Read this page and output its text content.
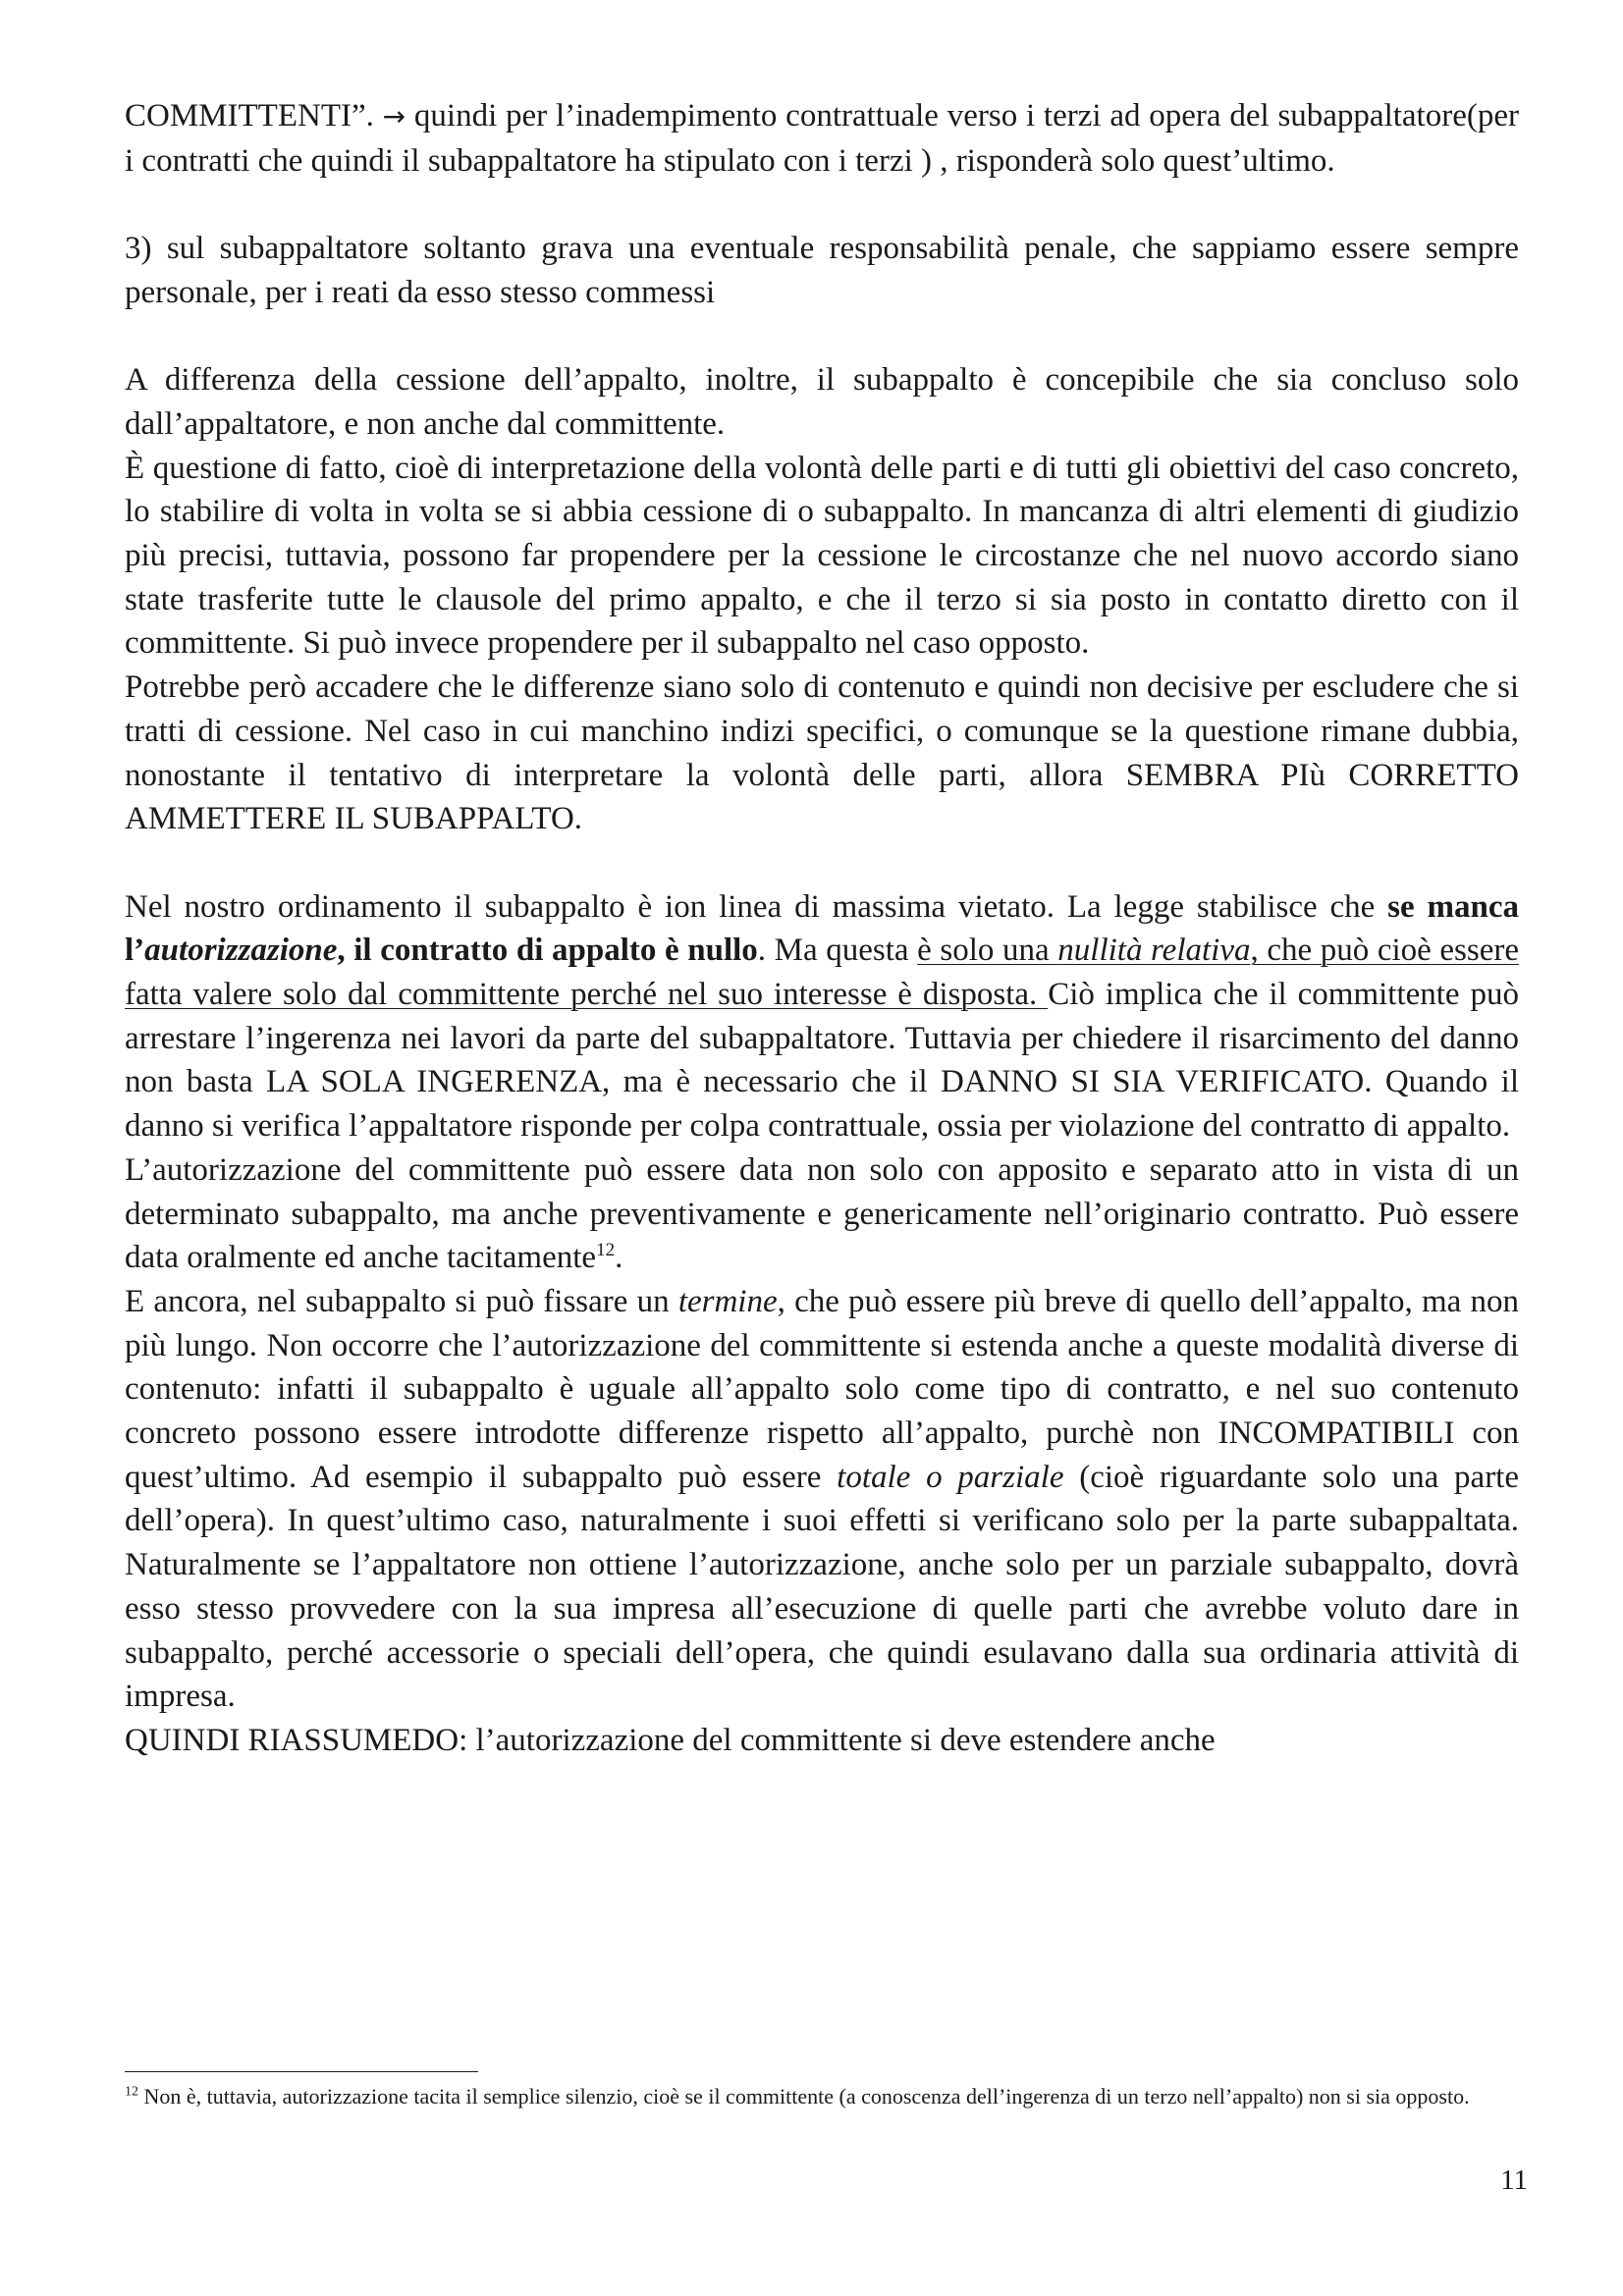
COMMITTENTI”. → quindi per l’inadempimento contrattuale verso i terzi ad opera del subappaltatore(per i contratti che quindi il subappaltatore ha stipulato con i terzi ) , risponderà solo quest’ultimo.

3) sul subappaltatore soltanto grava una eventuale responsabilità penale, che sappiamo essere sempre personale, per i reati da esso stesso commessi

A differenza della cessione dell’appalto, inoltre, il subappalto è concepibile che sia concluso solo dall’appaltatore, e non anche dal committente.

È questione di fatto, cioè di interpretazione della volontà delle parti e di tutti gli obiettivi del caso concreto, lo stabilire di volta in volta se si abbia cessione di o subappalto. In mancanza di altri elementi di giudizio più precisi, tuttavia, possono far propendere per la cessione le circostanze che nel nuovo accordo siano state trasferite tutte le clausole del primo appalto, e che il terzo si sia posto in contatto diretto con il committente. Si può invece propendere per il subappalto nel caso opposto.

Potrebbe però accadere che le differenze siano solo di contenuto e quindi non decisive per escludere che si tratti di cessione. Nel caso in cui manchino indizi specifici, o comunque se la questione rimane dubbia, nonostante il tentativo di interpretare la volontà delle parti, allora SEMBRA PIù CORRETTO AMMETTERE IL SUBAPPALTO.

Nel nostro ordinamento il subappalto è ion linea di massima vietato. La legge stabilisce che se manca l’autorizzazione, il contratto di appalto è nullo. Ma questa è solo una nullità relativa, che può cioè essere fatta valere solo dal committente perché nel suo interesse è disposta. Ciò implica che il committente può arrestare l’ingerenza nei lavori da parte del subappaltatore. Tuttavia per chiedere il risarcimento del danno non basta LA SOLA INGERENZA, ma è necessario che il DANNO SI SIA VERIFICATO. Quando il danno si verifica l’appaltatore risponde per colpa contrattuale, ossia per violazione del contratto di appalto.

L’autorizzazione del committente può essere data non solo con apposito e separato atto in vista di un determinato subappalto, ma anche preventivamente e genericamente nell’originario contratto. Può essere data oralmente ed anche tacitamente$^{12}$.

E ancora, nel subappalto si può fissare un termine, che può essere più breve di quello dell’appalto, ma non più lungo. Non occorre che l’autorizzazione del committente si estenda anche a queste modalità diverse di contenuto: infatti il subappalto è uguale all’appalto solo come tipo di contratto, e nel suo contenuto concreto possono essere introdotte differenze rispetto all’appalto, purchè non INCOMPATIBILI con quest’ultimo. Ad esempio il subappalto può essere totale o parziale (cioè riguardante solo una parte dell’opera). In quest’ultimo caso, naturalmente i suoi effetti si verificano solo per la parte subappaltata. Naturalmente se l’appaltatore non ottiene l’autorizzazione, anche solo per un parziale subappalto, dovrà esso stesso provvedere con la sua impresa all’esecuzione di quelle parti che avrebbe voluto dare in subappalto, perché accessorie o speciali dell’opera, che quindi esulavano dalla sua ordinaria attività di impresa.

QUINDI RIASSUMEDO: l’autorizzazione del committente si deve estendere anche

$^{12}$ Non è, tuttavia, autorizzazione tacita il semplice silenzio, cioè se il committente (a conoscenza dell’ingerenza di un terzo nell’appalto) non si sia opposto.
11
